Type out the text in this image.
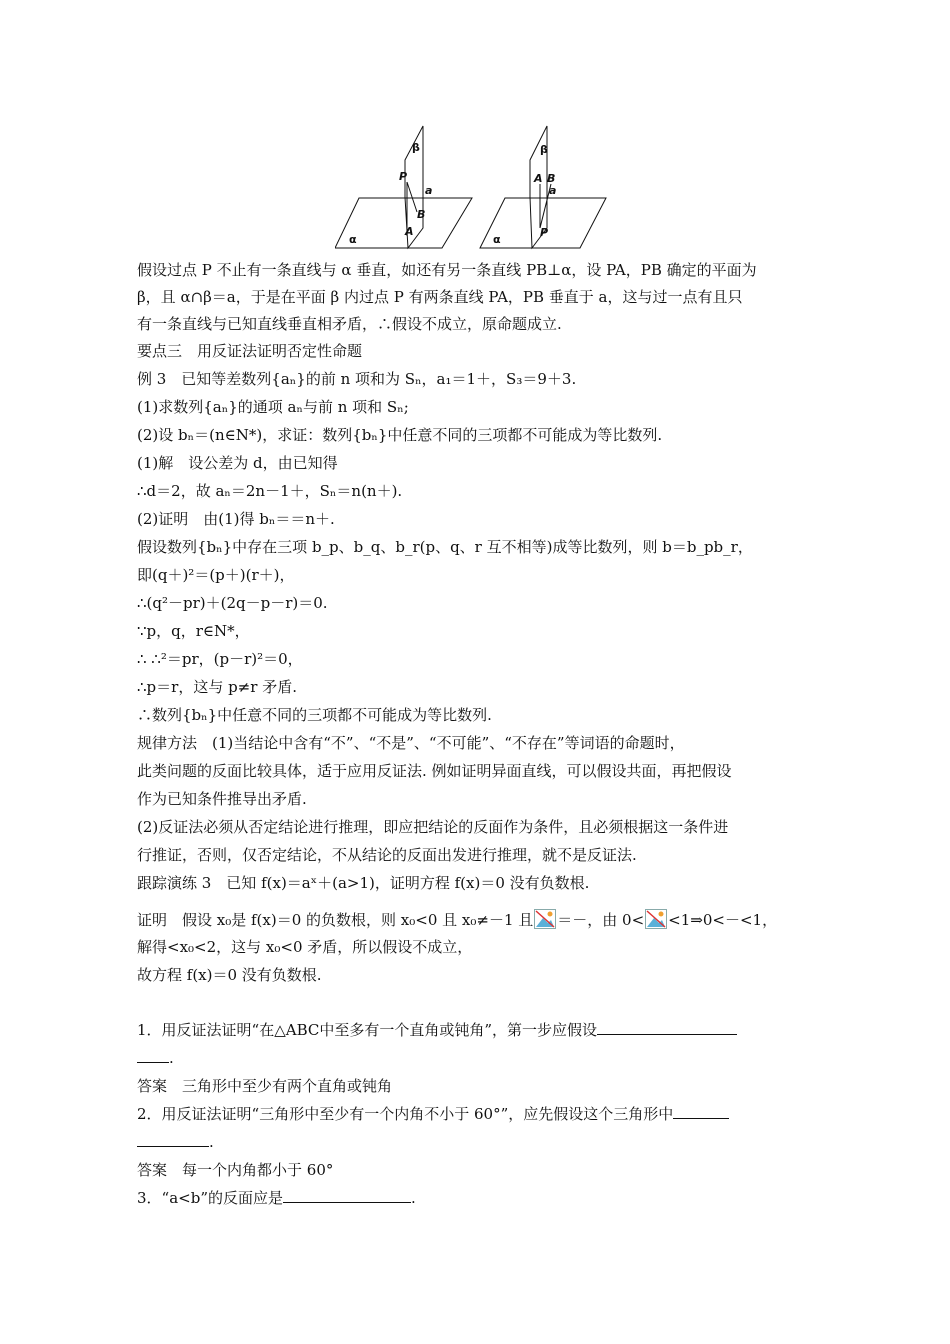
β
P
a
B
A
α
β
A B
a
P
α
假设过点 P 不止有一条直线与 α 垂直，如还有另一条直线 PB⊥α，设 PA，PB 确定的平面为
β，且 α∩β＝a，于是在平面 β 内过点 P 有两条直线 PA，PB 垂直于 a，这与过一点有且只
有一条直线与已知直线垂直相矛盾，∴假设不成立，原命题成立.
要点三　用反证法证明否定性命题
例 3　已知等差数列{aₙ}的前 n 项和为 Sₙ，a₁＝1＋，S₃＝9＋3.
(1)求数列{aₙ}的通项 aₙ与前 n 项和 Sₙ;
(2)设 bₙ＝(n∈N*)，求证：数列{bₙ}中任意不同的三项都不可能成为等比数列.
(1)解　设公差为 d，由已知得
∴d＝2，故 aₙ＝2n－1＋，Sₙ＝n(n＋).
(2)证明　由(1)得 bₙ＝＝n＋.
假设数列{bₙ}中存在三项 b_p、b_q、b_r(p、q、r 互不相等)成等比数列，则 b＝b_pb_r，
即(q＋)²＝(p＋)(r＋)，
∴(q²－pr)＋(2q－p－r)＝0.
∵p，q，r∈N*，
∴ ∴²＝pr，(p－r)²＝0，
∴p＝r，这与 p≠r 矛盾.
∴数列{bₙ}中任意不同的三项都不可能成为等比数列.
规律方法　(1)当结论中含有“不”、“不是”、“不可能”、“不存在”等词语的命题时，
此类问题的反面比较具体，适于应用反证法. 例如证明异面直线，可以假设共面，再把假设
作为已知条件推导出矛盾.
(2)反证法必须从否定结论进行推理，即应把结论的反面作为条件，且必须根据这一条件进
行推证，否则，仅否定结论，不从结论的反面出发进行推理，就不是反证法.
跟踪演练 3　已知 f(x)＝aˣ＋(a>1)，证明方程 f(x)＝0 没有负数根.
证明　假设 x₀是 f(x)＝0 的负数根，则 x₀<0 且 x₀≠－1 且 ＝－，由 0< <1⇒0<－<1，
解得<x₀<2，这与 x₀<0 矛盾，所以假设不成立，
故方程 f(x)＝0 没有负数根.
1．用反证法证明“在△ABC中至多有一个直角或钝角”，第一步应假设
.
答案　三角形中至少有两个直角或钝角
2．用反证法证明“三角形中至少有一个内角不小于 60°”，应先假设这个三角形中
.
答案　每一个内角都小于 60°
3．“a<b”的反面应是	.
